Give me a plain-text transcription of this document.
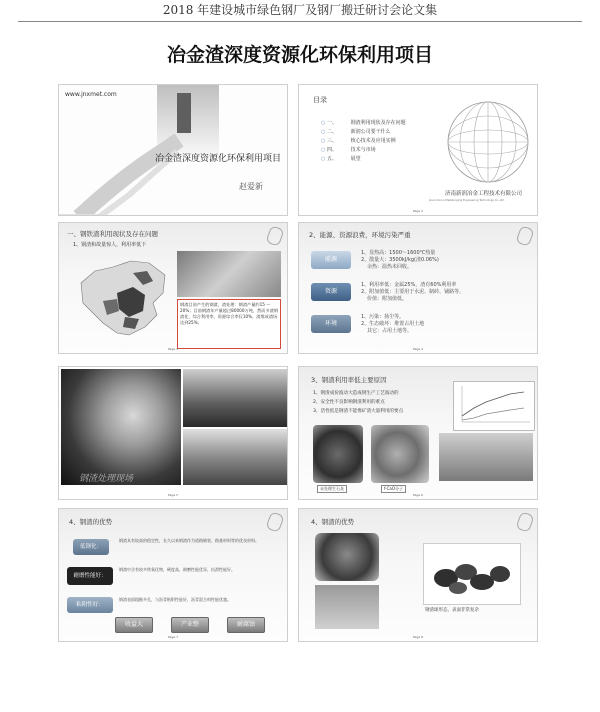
2018 年建设城市绿色钢厂及钢厂搬迁研讨会论文集
冶金渣深度资源化环保利用项目
www.jnxmet.com
冶金渣深度资源化环保利用项目
赵爱新
目录
○ 一、	钢渣利用现状及存在问题
○ 二、	新润公司要干什么
○ 三、	核心技术及应用实例
○ 四、	技术与市场
○ 五、	展望
济南新润冶金工程技术有限公司
Jinan Xinrun Metallurgical Engineering Technology Co.,Ltd.
Page 2
一、钢铁渣利用现状及存在问题
1、钢渣和故量惊人，利用率低下
钢渣目前产生的钢渣，渣处理：钢渣产量约15 ～ 20%；目前钢渣年产量超过80000万吨，然而多渣钢渣化、综合利用率，资源综合率仅10%，渣堆成渣场达到25%；
Page 3
2、能源、资源浪费，环境污染严重
能源
1、显热高：1500～1600℃热量
2、散量大：3500kJ/kg(渣0.06%)
余热：温热未回收。
资源
1、利用率低：金属25%，渣有60%利用率
2、附加值低：主要用于水泥、制砖、铺路等，
价值：附加值低。
环境
1、污染：扬尘等。
2、生态破坏：堆置占用土地
其它：占用土地等。
Page 4
钢渣处理现场
Page 5
3、钢渣利用率低主要原因
1、钢渣成份波动大造成钢生产工艺波动的
2、安全性不良影响钢渣利用的难点
3、活性低是钢渣不能像矿渣大量利用的要点
未处理生石灰	f-CaO分子
Page 6
4、钢渣的优势
低钢化：
钢渣具有较高的稳定性，长久以来钢渣作为道路铺装、路基材料等的优良材料。
耐磨性能好：
钢渣中含有较多铁氧化物，硬度高，耐磨性能优异，抗滑性能好。
粘附性好：
钢渣表面粗糙多孔，与沥青粘附性能好，沥青混合料性能优越。
收益大	产业整	耐腐蚀
Page 7
4、钢渣的优势
钢渣球形态，表面非常复杂
Page 8
